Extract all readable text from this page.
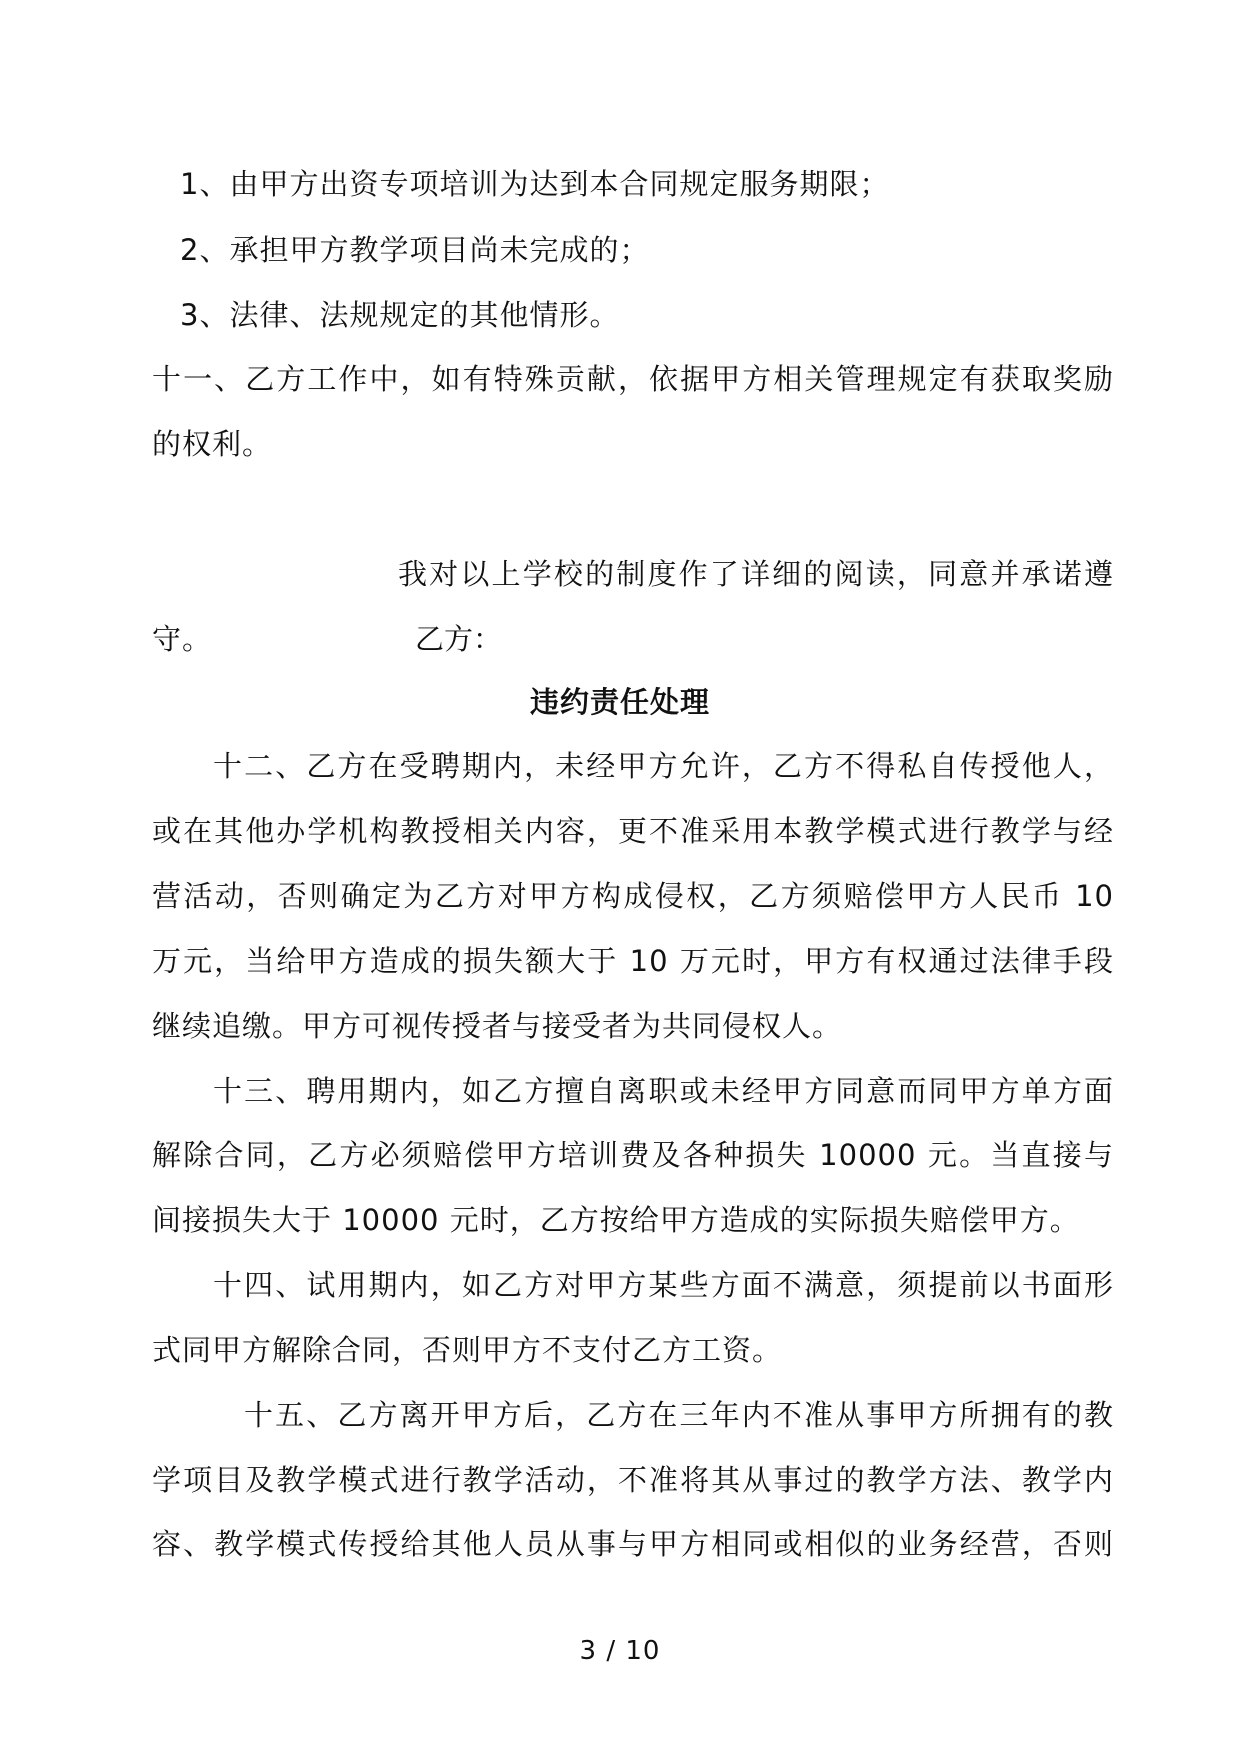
1、由甲方出资专项培训为达到本合同规定服务期限；
2、承担甲方教学项目尚未完成的；
3、法律、法规规定的其他情形。
十一、乙方工作中，如有特殊贡献，依据甲方相关管理规定有获取奖励
的权利。
我对以上学校的制度作了详细的阅读，同意并承诺遵
守。	乙方：
违约责任处理
十二、乙方在受聘期内，未经甲方允许，乙方不得私自传授他人，
或在其他办学机构教授相关内容，更不准采用本教学模式进行教学与经
营活动，否则确定为乙方对甲方构成侵权，乙方须赔偿甲方人民币 10
万元，当给甲方造成的损失额大于 10 万元时，甲方有权通过法律手段
继续追缴。甲方可视传授者与接受者为共同侵权人。
十三、聘用期内，如乙方擅自离职或未经甲方同意而同甲方单方面
解除合同，乙方必须赔偿甲方培训费及各种损失 10000 元。当直接与
间接损失大于 10000 元时，乙方按给甲方造成的实际损失赔偿甲方。
十四、试用期内，如乙方对甲方某些方面不满意，须提前以书面形
式同甲方解除合同，否则甲方不支付乙方工资。
十五、乙方离开甲方后，乙方在三年内不准从事甲方所拥有的教
学项目及教学模式进行教学活动，不准将其从事过的教学方法、教学内
容、教学模式传授给其他人员从事与甲方相同或相似的业务经营，否则
3 / 10
